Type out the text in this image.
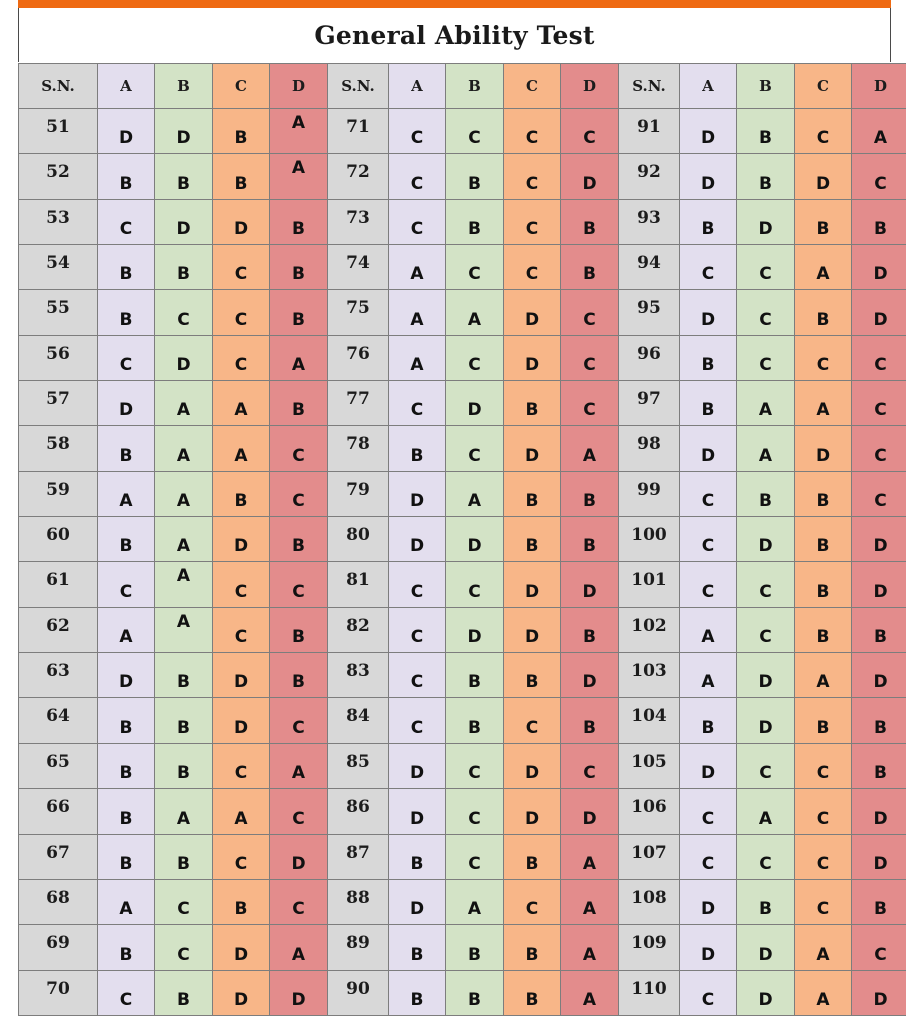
General Ability Test
S.N.	A	B	C	D	S.N.	A	B	C	D	S.N.	A	B	C	D
51	D	D	B	A	71	C	C	C	C	91	D	B	C	A
52	B	B	B	A	72	C	B	C	D	92	D	B	D	C
53	C	D	D	B	73	C	B	C	B	93	B	D	B	B
54	B	B	C	B	74	A	C	C	B	94	C	C	A	D
55	B	C	C	B	75	A	A	D	C	95	D	C	B	D
56	C	D	C	A	76	A	C	D	C	96	B	C	C	C
57	D	A	A	B	77	C	D	B	C	97	B	A	A	C
58	B	A	A	C	78	B	C	D	A	98	D	A	D	C
59	A	A	B	C	79	D	A	B	B	99	C	B	B	C
60	B	A	D	B	80	D	D	B	B	100	C	D	B	D
61	C	A	C	C	81	C	C	D	D	101	C	C	B	D
62	A	A	C	B	82	C	D	D	B	102	A	C	B	B
63	D	B	D	B	83	C	B	B	D	103	A	D	A	D
64	B	B	D	C	84	C	B	C	B	104	B	D	B	B
65	B	B	C	A	85	D	C	D	C	105	D	C	C	B
66	B	A	A	C	86	D	C	D	D	106	C	A	C	D
67	B	B	C	D	87	B	C	B	A	107	C	C	C	D
68	A	C	B	C	88	D	A	C	A	108	D	B	C	B
69	B	C	D	A	89	B	B	B	A	109	D	D	A	C
70	C	B	D	D	90	B	B	B	A	110	C	D	A	D
